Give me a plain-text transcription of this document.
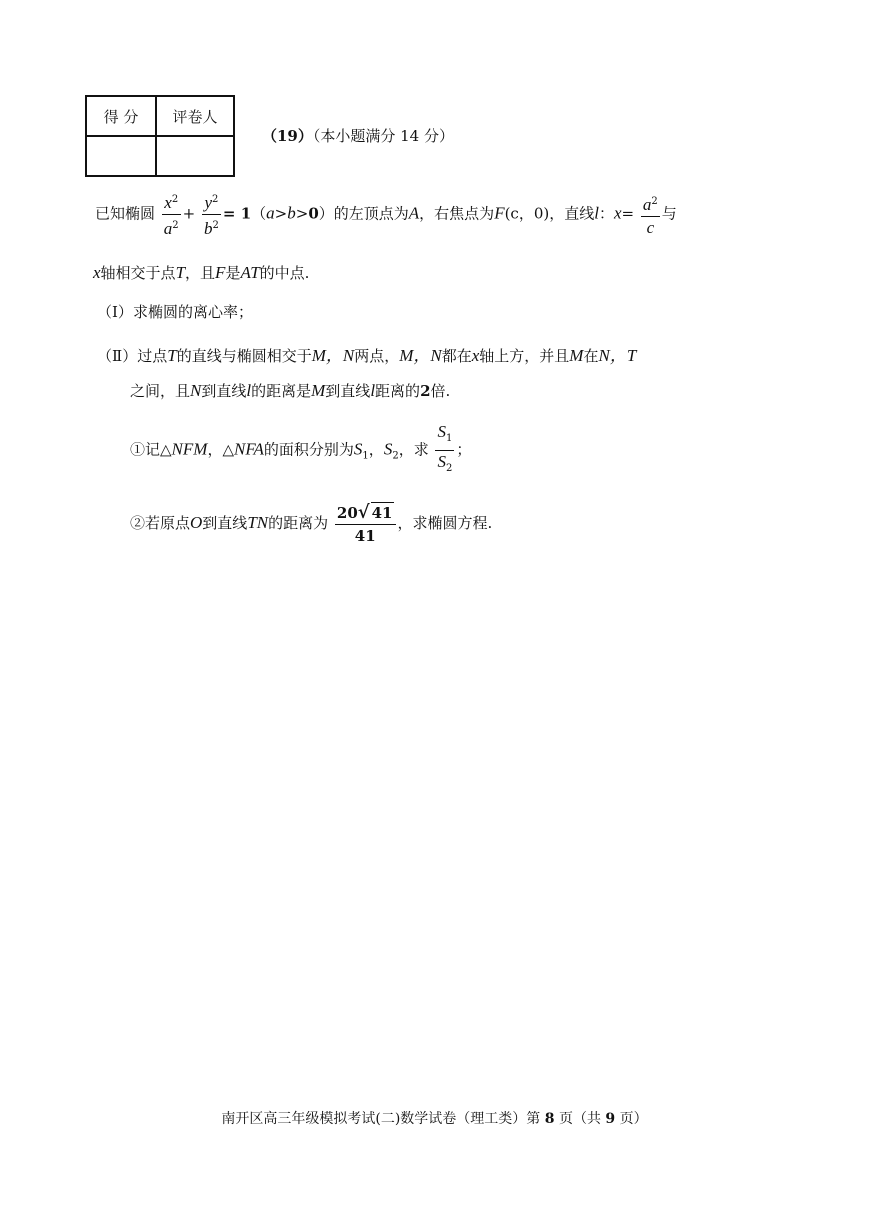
得 分	评卷人

（19）（本小题满分 14 分）
已知椭圆 $\frac{x^2}{a^2} + \frac{y^2}{b^2} = 1(a>b>0)$的左顶点为A，右焦点为F(c，0)，直线l：$x= \frac{a^2}{c}$ 与
x轴相交于点T，且F是AT的中点.
（Ⅰ）求椭圆的离心率；
（Ⅱ）过点T的直线与椭圆相交于M，N两点，M，N都在x轴上方，并且M在N，T
之间，且N到直线l的距离是M到直线l距离的2倍.
①记△NFM，△NFA的面积分别为$S_1$，$S_2$，求 $\frac{S_1}{S_2}$ ；
②若原点O到直线TN的距离为 $\frac{20√ 41}{41}$ ，求椭圆方程.
南开区高三年级模拟考试(二)数学试卷（理工类）第 8 页（共 9 页）
